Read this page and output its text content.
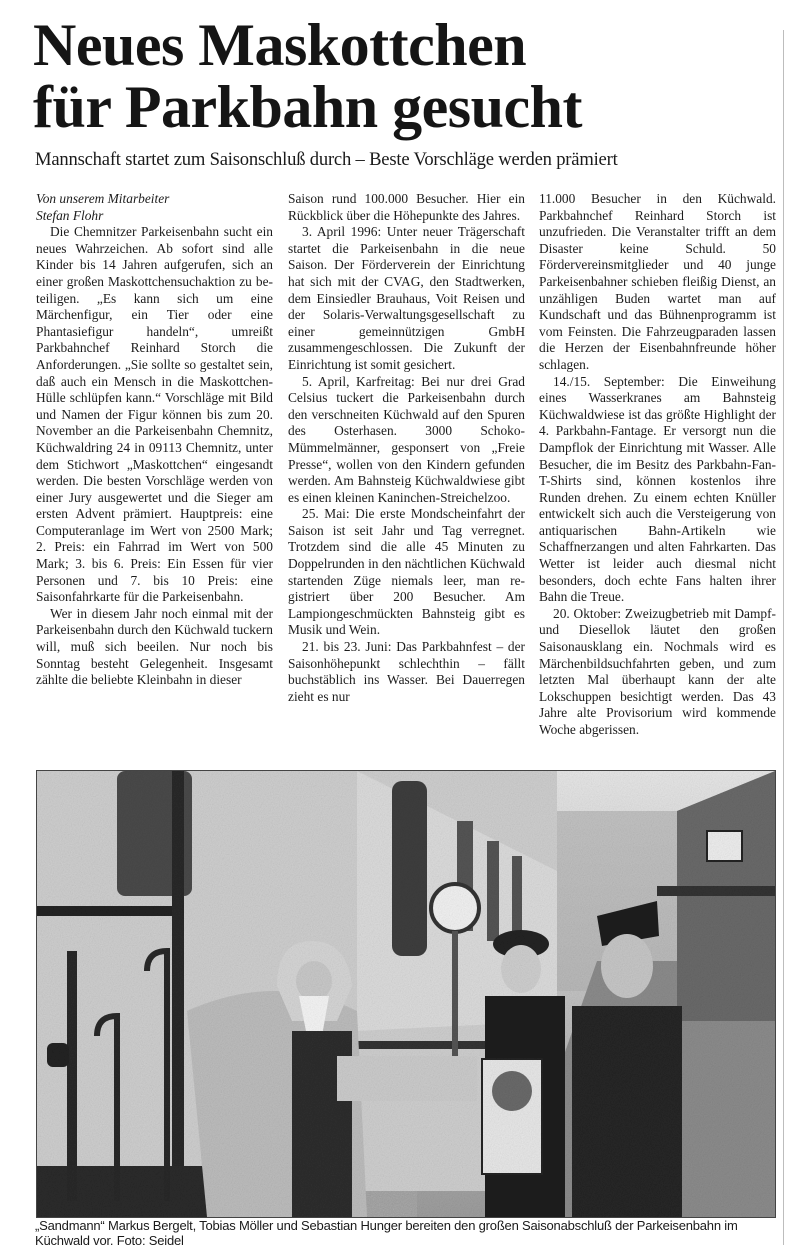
Neues Maskottchen
für Parkbahn gesucht

Mannschaft startet zum Saisonschluß durch – Beste Vorschläge werden prämiert

Von unserem Mitarbeiter
Stefan Flohr

Die Chemnitzer Parkeisenbahn sucht ein neues Wahrzeichen. Ab sofort sind alle Kinder bis 14 Jahren aufgerufen, sich an einer großen Maskottchensuchaktion zu beteiligen. „Es kann sich um eine Märchenfigur, ein Tier oder eine Phantasiefigur handeln“, umreißt Parkbahnchef Reinhard Storch die Anforderungen. „Sie sollte so gestaltet sein, daß auch ein Mensch in die Maskottchen-Hülle schlüpfen kann.“ Vorschläge mit Bild und Namen der Figur können bis zum 20. November an die Parkeisenbahn Chemnitz, Küchwaldring 24 in 09113 Chemnitz, unter dem Stichwort „Maskottchen“ eingesandt werden. Die besten Vorschläge werden von einer Jury ausgewertet und die Sieger am ersten Advent prämiert. Hauptpreis: eine Computeranlage im Wert von 2500 Mark; 2. Preis: ein Fahrrad im Wert von 500 Mark; 3. bis 6. Preis: Ein Essen für vier Personen und 7. bis 10 Preis: eine Saisonfahrkarte für die Parkeisenbahn.

Wer in diesem Jahr noch einmal mit der Parkeisenbahn durch den Küchwald tuckern will, muß sich beeilen. Nur noch bis Sonntag besteht Gelegenheit. Insgesamt zählte die beliebte Kleinbahn in dieser

Saison rund 100.000 Besucher. Hier ein Rückblick über die Höhepunkte des Jahres.

3. April 1996: Unter neuer Trägerschaft startet die Parkeisenbahn in die neue Saison. Der Förderverein der Einrichtung hat sich mit der CVAG, den Stadtwerken, dem Einsiedler Brauhaus, Voit Reisen und der Solaris-Verwaltungsgesellschaft zu einer gemeinnützigen GmbH zusammengeschlossen. Die Zukunft der Einrichtung ist somit gesichert.

5. April, Karfreitag: Bei nur drei Grad Celsius tuckert die Parkeisenbahn durch den verschneiten Küchwald auf den Spuren des Osterhasen. 3000 Schoko-Mümmelmänner, gesponsert von „Freie Presse“, wollen von den Kindern gefunden werden. Am Bahnsteig Küchwaldwiese gibt es einen kleinen Kaninchen-Streichelzoo.

25. Mai: Die erste Mondscheinfahrt der Saison ist seit Jahr und Tag verregnet. Trotzdem sind die alle 45 Minuten zu Doppelrunden in den nächtlichen Küchwald startenden Züge niemals leer, man registriert über 200 Besucher. Am Lampiongeschmückten Bahnsteig gibt es Musik und Wein.

21. bis 23. Juni: Das Parkbahnfest – der Saisonhöhepunkt schlechthin – fällt buchstäblich ins Wasser. Bei Dauerregen zieht es nur

11.000 Besucher in den Küchwald. Parkbahnchef Reinhard Storch ist unzufrieden. Die Veranstalter trifft an dem Disaster keine Schuld. 50 Fördervereinsmitglieder und 40 junge Parkeisenbahner schieben fleißig Dienst, an unzähligen Buden wartet man auf Kundschaft und das Bühnenprogramm ist vom Feinsten. Die Fahrzeugparaden lassen die Herzen der Eisenbahnfreunde höher schlagen.

14./15. September: Die Einweihung eines Wasserkranes am Bahnsteig Küchwaldwiese ist das größte Highlight der 4. Parkbahn-Fantage. Er versorgt nun die Dampflok der Einrichtung mit Wasser. Alle Besucher, die im Besitz des Parkbahn-Fan-T-Shirts sind, können kostenlos ihre Runden drehen. Zu einem echten Knüller entwickelt sich auch die Versteigerung von antiquarischen Bahn-Artikeln wie Schaffnerzangen und alten Fahrkarten. Das Wetter ist leider auch diesmal nicht besonders, doch echte Fans halten ihrer Bahn die Treue.

20. Oktober: Zweizugbetrieb mit Dampf- und Diesellok läutet den großen Saisonausklang ein. Nochmals wird es Märchenbildsuchfahrten geben, und zum letzten Mal überhaupt kann der alte Lokschuppen besichtigt werden. Das 43 Jahre alte Provisorium wird kommende Woche abgerissen.

„Sandmann“ Markus Bergelt, Tobias Möller und Sebastian Hunger bereiten den großen Saisonabschluß der Parkeisenbahn im Küchwald vor. Foto: Seidel
